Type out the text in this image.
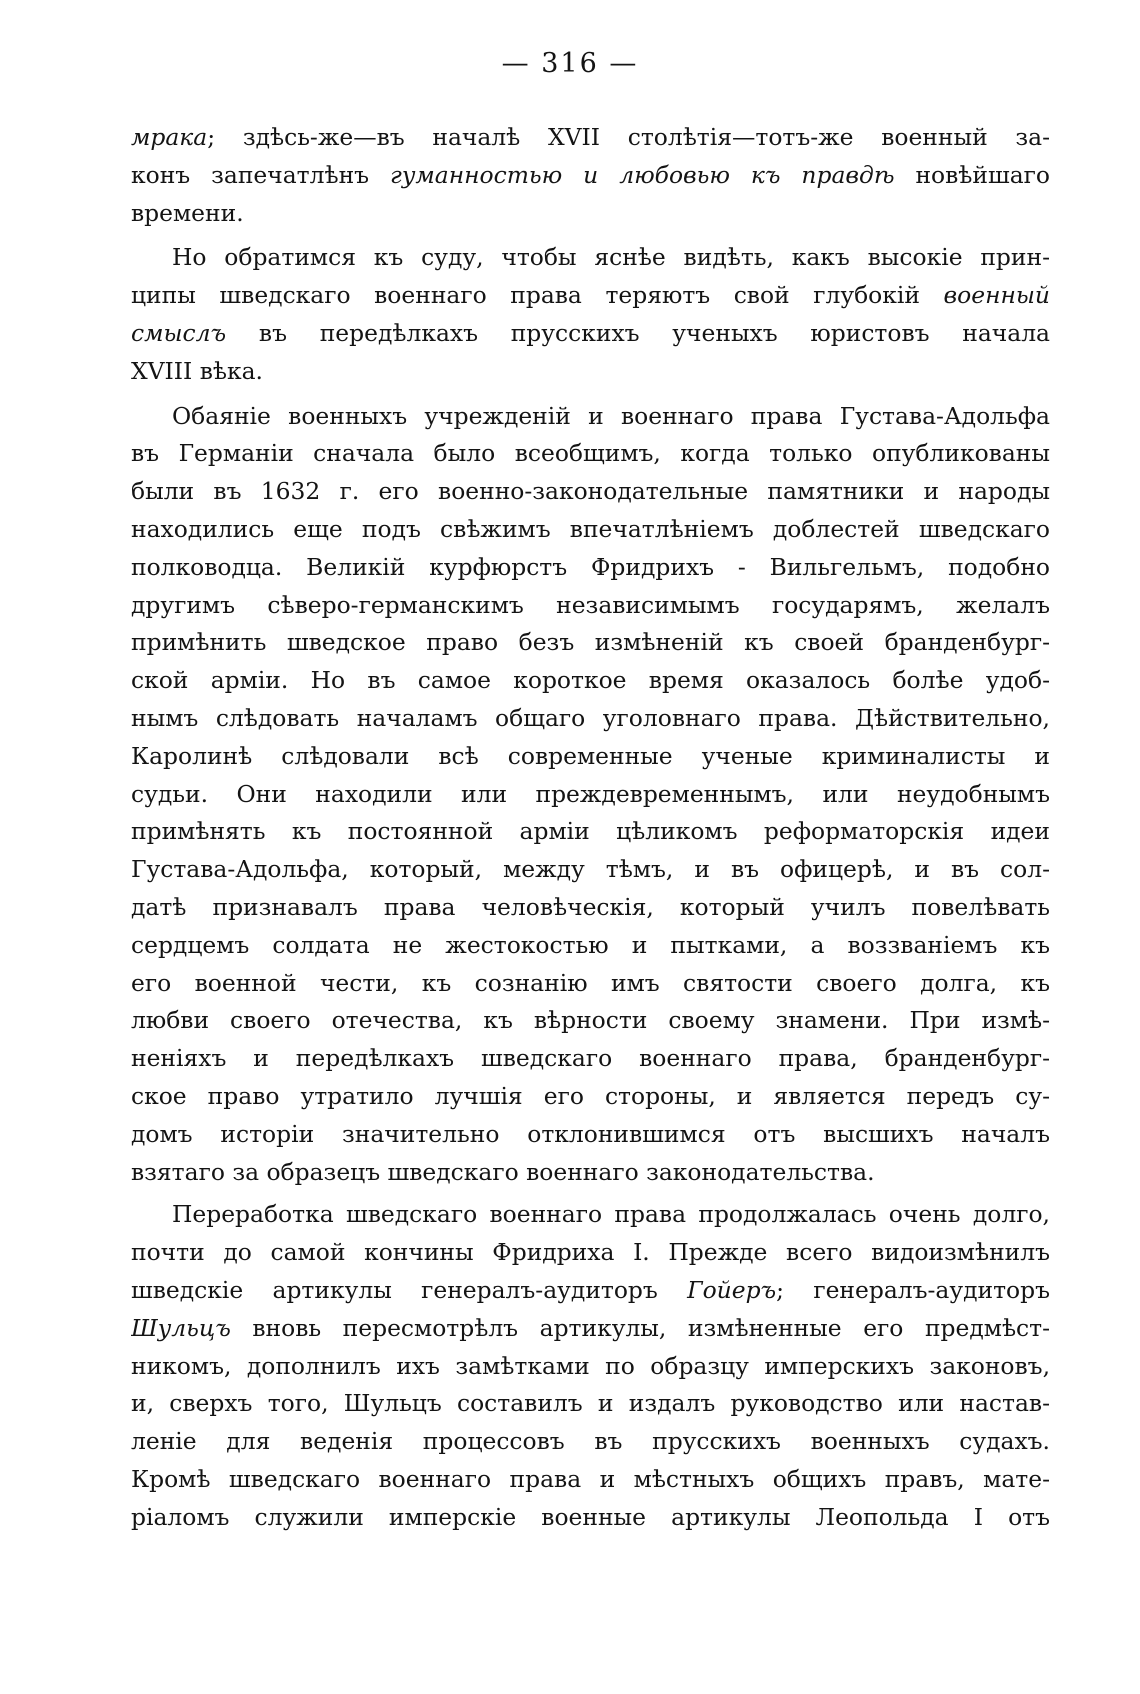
— 316 —
мрака; здѣсь-же—въ началѣ XVII столѣтія—тотъ-же военный за-
конъ запечатлѣнъ гуманностью и любовью къ правдѣ новѣйшаго
времени.
Но обратимся къ суду, чтобы яснѣе видѣть, какъ высокіе прин-
ципы шведскаго военнаго права теряютъ свой глубокій военный
смыслъ въ передѣлкахъ прусскихъ ученыхъ юристовъ начала
XVIII вѣка.
Обаяніе военныхъ учрежденій и военнаго права Густава-Адольфа
въ Германіи сначала было всеобщимъ, когда только опубликованы
были въ 1632 г. его военно-законодательные памятники и народы
находились еще подъ свѣжимъ впечатлѣніемъ доблестей шведскаго
полководца. Великій курфюрстъ Фридрихъ - Вильгельмъ, подобно
другимъ сѣверо-германскимъ независимымъ государямъ, желалъ
примѣнить шведское право безъ измѣненій къ своей бранденбург-
ской арміи. Но въ самое короткое время оказалось болѣе удоб-
нымъ слѣдовать началамъ общаго уголовнаго права. Дѣйствительно,
Каролинѣ слѣдовали всѣ современные ученые криминалисты и
судьи. Они находили или преждевременнымъ, или неудобнымъ
примѣнять къ постоянной арміи цѣликомъ реформаторскія идеи
Густава-Адольфа, который, между тѣмъ, и въ офицерѣ, и въ сол-
датѣ признавалъ права человѣческія, который училъ повелѣвать
сердцемъ солдата не жестокостью и пытками, а воззваніемъ къ
его военной чести, къ сознанію имъ святости своего долга, къ
любви своего отечества, къ вѣрности своему знамени. При измѣ-
неніяхъ и передѣлкахъ шведскаго военнаго права, бранденбург-
ское право утратило лучшія его стороны, и является передъ су-
домъ исторіи значительно отклонившимся отъ высшихъ началъ
взятаго за образецъ шведскаго военнаго законодательства.
Переработка шведскаго военнаго права продолжалась очень долго,
почти до самой кончины Фридриха I. Прежде всего видоизмѣнилъ
шведскіе артикулы генералъ-аудиторъ Гойеръ; генералъ-аудиторъ
Шульцъ вновь пересмотрѣлъ артикулы, измѣненные его предмѣст-
никомъ, дополнилъ ихъ замѣтками по образцу имперскихъ законовъ,
и, сверхъ того, Шульцъ составилъ и издалъ руководство или настав-
леніе для веденія процессовъ въ прусскихъ военныхъ судахъ.
Кромѣ шведскаго военнаго права и мѣстныхъ общихъ правъ, мате-
ріаломъ служили имперскіе военные артикулы Леопольда I отъ
